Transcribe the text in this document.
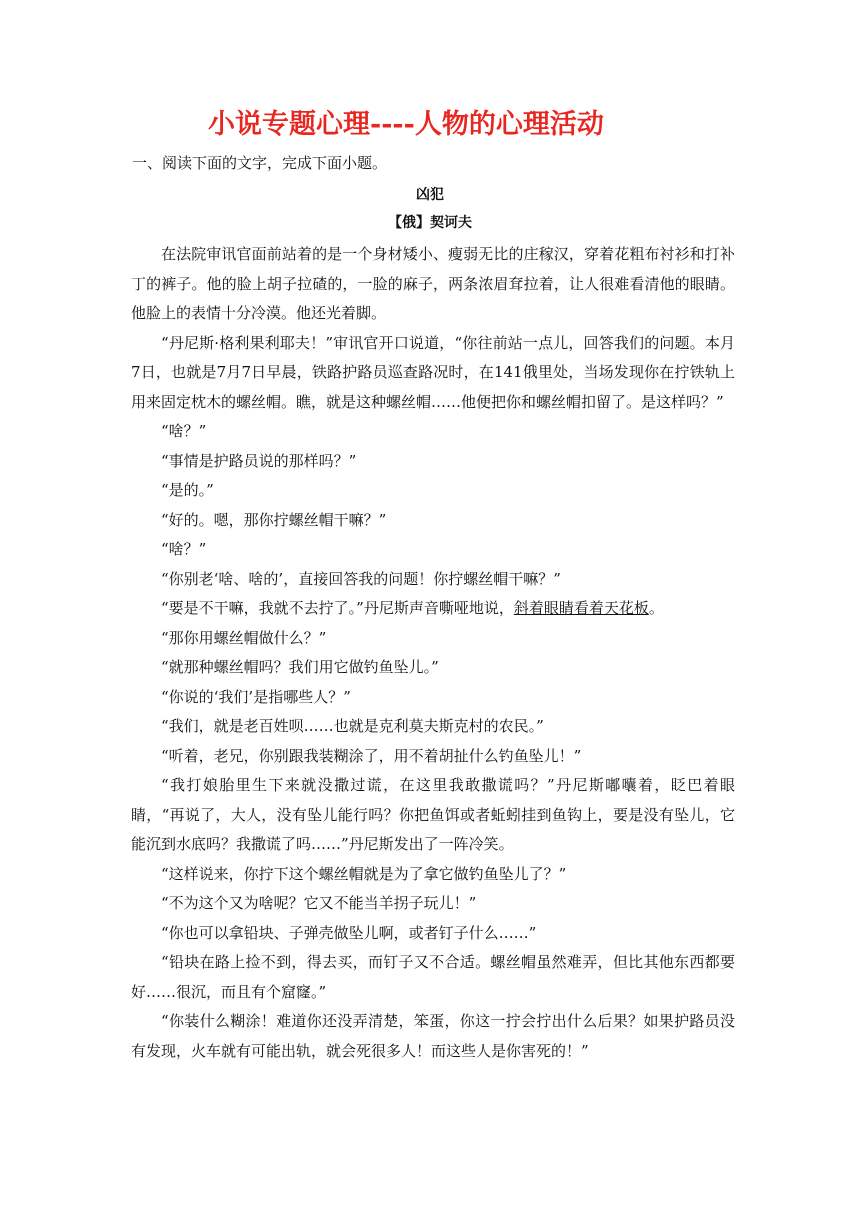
小说专题心理----人物的心理活动
一、阅读下面的文字，完成下面小题。
凶犯
【俄】契诃夫

在法院审讯官面前站着的是一个身材矮小、瘦弱无比的庄稼汉，穿着花粗布衬衫和打补丁的裤子。他的脸上胡子拉碴的，一脸的麻子，两条浓眉耷拉着，让人很难看清他的眼睛。他脸上的表情十分冷漠。他还光着脚。

“丹尼斯·格利果利耶夫！”审讯官开口说道，“你往前站一点儿，回答我们的问题。本月7日，也就是7月7日早晨，铁路护路员巡查路况时，在141俄里处，当场发现你在拧铁轨上用来固定枕木的螺丝帽。瞧，就是这种螺丝帽……他便把你和螺丝帽扣留了。是这样吗？”

“啥？”

“事情是护路员说的那样吗？”

“是的。”

“好的。嗯，那你拧螺丝帽干嘛？”

“啥？”

“你别老‘啥、啥的’，直接回答我的问题！你拧螺丝帽干嘛？”

“要是不干嘛，我就不去拧了。”丹尼斯声音嘶哑地说，斜着眼睛看着天花板。

“那你用螺丝帽做什么？”

“就那种螺丝帽吗？我们用它做钓鱼坠儿。”

“你说的‘我们’是指哪些人？”

“我们，就是老百姓呗……也就是克利莫夫斯克村的农民。”

“听着，老兄，你别跟我装糊涂了，用不着胡扯什么钓鱼坠儿！”

“我打娘胎里生下来就没撒过谎，在这里我敢撒谎吗？”丹尼斯嘟囔着，眨巴着眼睛，“再说了，大人，没有坠儿能行吗？你把鱼饵或者蚯蚓挂到鱼钩上，要是没有坠儿，它能沉到水底吗？我撒谎了吗……”丹尼斯发出了一阵冷笑。

“这样说来，你拧下这个螺丝帽就是为了拿它做钓鱼坠儿了？”

“不为这个又为啥呢？它又不能当羊拐子玩儿！”

“你也可以拿铅块、子弹壳做坠儿啊，或者钉子什么……”

“铅块在路上捡不到，得去买，而钉子又不合适。螺丝帽虽然难弄，但比其他东西都要好……很沉，而且有个窟窿。”

“你装什么糊涂！难道你还没弄清楚，笨蛋，你这一拧会拧出什么后果？如果护路员没有发现，火车就有可能出轨，就会死很多人！而这些人是你害死的！”
